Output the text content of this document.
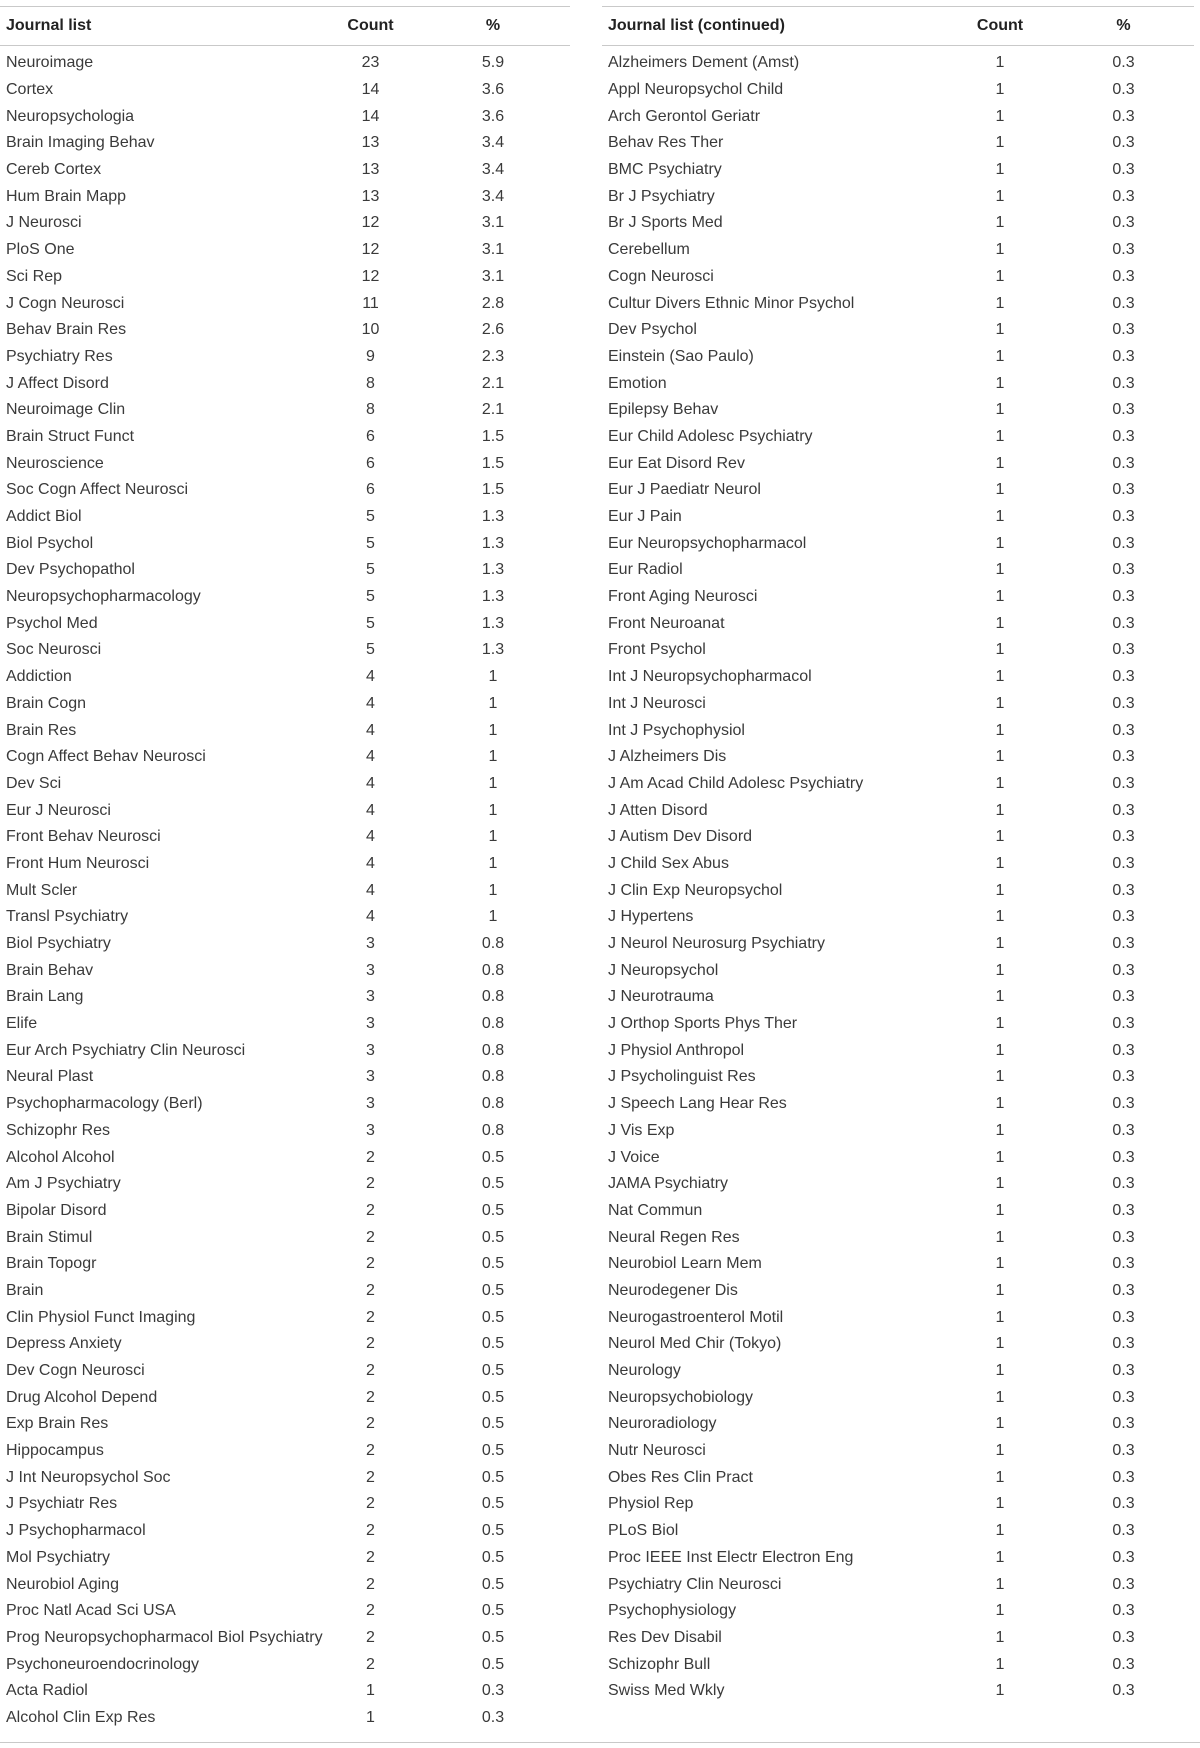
Journal list	Count	%
Neuroimage	23	5.9
Cortex	14	3.6
Neuropsychologia	14	3.6
Brain Imaging Behav	13	3.4
Cereb Cortex	13	3.4
Hum Brain Mapp	13	3.4
J Neurosci	12	3.1
PloS One	12	3.1
Sci Rep	12	3.1
J Cogn Neurosci	11	2.8
Behav Brain Res	10	2.6
Psychiatry Res	9	2.3
J Affect Disord	8	2.1
Neuroimage Clin	8	2.1
Brain Struct Funct	6	1.5
Neuroscience	6	1.5
Soc Cogn Affect Neurosci	6	1.5
Addict Biol	5	1.3
Biol Psychol	5	1.3
Dev Psychopathol	5	1.3
Neuropsychopharmacology	5	1.3
Psychol Med	5	1.3
Soc Neurosci	5	1.3
Addiction	4	1
Brain Cogn	4	1
Brain Res	4	1
Cogn Affect Behav Neurosci	4	1
Dev Sci	4	1
Eur J Neurosci	4	1
Front Behav Neurosci	4	1
Front Hum Neurosci	4	1
Mult Scler	4	1
Transl Psychiatry	4	1
Biol Psychiatry	3	0.8
Brain Behav	3	0.8
Brain Lang	3	0.8
Elife	3	0.8
Eur Arch Psychiatry Clin Neurosci	3	0.8
Neural Plast	3	0.8
Psychopharmacology (Berl)	3	0.8
Schizophr Res	3	0.8
Alcohol Alcohol	2	0.5
Am J Psychiatry	2	0.5
Bipolar Disord	2	0.5
Brain Stimul	2	0.5
Brain Topogr	2	0.5
Brain	2	0.5
Clin Physiol Funct Imaging	2	0.5
Depress Anxiety	2	0.5
Dev Cogn Neurosci	2	0.5
Drug Alcohol Depend	2	0.5
Exp Brain Res	2	0.5
Hippocampus	2	0.5
J Int Neuropsychol Soc	2	0.5
J Psychiatr Res	2	0.5
J Psychopharmacol	2	0.5
Mol Psychiatry	2	0.5
Neurobiol Aging	2	0.5
Proc Natl Acad Sci USA	2	0.5
Prog Neuropsychopharmacol Biol Psychiatry	2	0.5
Psychoneuroendocrinology	2	0.5
Acta Radiol	1	0.3
Alcohol Clin Exp Res	1	0.3
Journal list (continued)	Count	%
Alzheimers Dement (Amst)	1	0.3
Appl Neuropsychol Child	1	0.3
Arch Gerontol Geriatr	1	0.3
Behav Res Ther	1	0.3
BMC Psychiatry	1	0.3
Br J Psychiatry	1	0.3
Br J Sports Med	1	0.3
Cerebellum	1	0.3
Cogn Neurosci	1	0.3
Cultur Divers Ethnic Minor Psychol	1	0.3
Dev Psychol	1	0.3
Einstein (Sao Paulo)	1	0.3
Emotion	1	0.3
Epilepsy Behav	1	0.3
Eur Child Adolesc Psychiatry	1	0.3
Eur Eat Disord Rev	1	0.3
Eur J Paediatr Neurol	1	0.3
Eur J Pain	1	0.3
Eur Neuropsychopharmacol	1	0.3
Eur Radiol	1	0.3
Front Aging Neurosci	1	0.3
Front Neuroanat	1	0.3
Front Psychol	1	0.3
Int J Neuropsychopharmacol	1	0.3
Int J Neurosci	1	0.3
Int J Psychophysiol	1	0.3
J Alzheimers Dis	1	0.3
J Am Acad Child Adolesc Psychiatry	1	0.3
J Atten Disord	1	0.3
J Autism Dev Disord	1	0.3
J Child Sex Abus	1	0.3
J Clin Exp Neuropsychol	1	0.3
J Hypertens	1	0.3
J Neurol Neurosurg Psychiatry	1	0.3
J Neuropsychol	1	0.3
J Neurotrauma	1	0.3
J Orthop Sports Phys Ther	1	0.3
J Physiol Anthropol	1	0.3
J Psycholinguist Res	1	0.3
J Speech Lang Hear Res	1	0.3
J Vis Exp	1	0.3
J Voice	1	0.3
JAMA Psychiatry	1	0.3
Nat Commun	1	0.3
Neural Regen Res	1	0.3
Neurobiol Learn Mem	1	0.3
Neurodegener Dis	1	0.3
Neurogastroenterol Motil	1	0.3
Neurol Med Chir (Tokyo)	1	0.3
Neurology	1	0.3
Neuropsychobiology	1	0.3
Neuroradiology	1	0.3
Nutr Neurosci	1	0.3
Obes Res Clin Pract	1	0.3
Physiol Rep	1	0.3
PLoS Biol	1	0.3
Proc IEEE Inst Electr Electron Eng	1	0.3
Psychiatry Clin Neurosci	1	0.3
Psychophysiology	1	0.3
Res Dev Disabil	1	0.3
Schizophr Bull	1	0.3
Swiss Med Wkly	1	0.3
